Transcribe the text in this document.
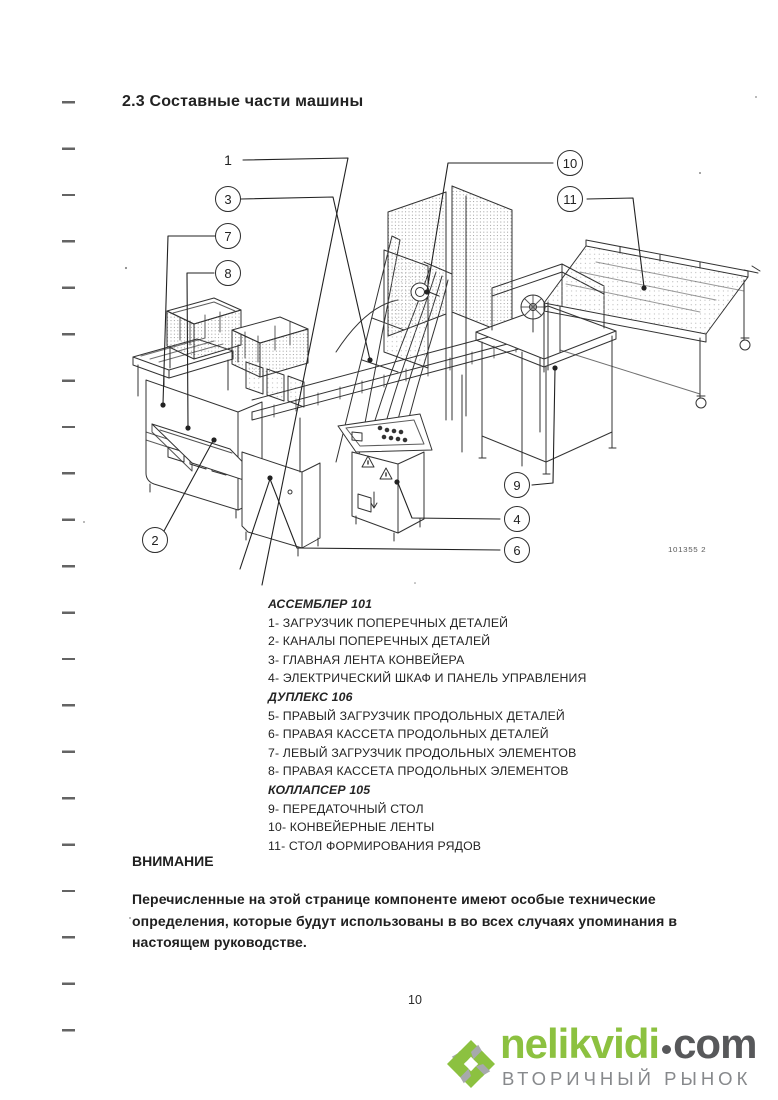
2.3 Составные части машины
1
3
7
8
2
10
11
9
4
6	101355 2
АССЕМБЛЕР 101
1- ЗАГРУЗЧИК ПОПЕРЕЧНЫХ ДЕТАЛЕЙ
2- КАНАЛЫ ПОПЕРЕЧНЫХ ДЕТАЛЕЙ
3- ГЛАВНАЯ ЛЕНТА КОНВЕЙЕРА
4- ЭЛЕКТРИЧЕСКИЙ ШКАФ И ПАНЕЛЬ УПРАВЛЕНИЯ
ДУПЛЕКС 106
5- ПРАВЫЙ ЗАГРУЗЧИК ПРОДОЛЬНЫХ ДЕТАЛЕЙ
6- ПРАВАЯ КАССЕТА ПРОДОЛЬНЫХ ДЕТАЛЕЙ
7- ЛЕВЫЙ ЗАГРУЗЧИК ПРОДОЛЬНЫХ ЭЛЕМЕНТОВ
8- ПРАВАЯ КАССЕТА ПРОДОЛЬНЫХ ЭЛЕМЕНТОВ
КОЛЛАПСЕР 105
9- ПЕРЕДАТОЧНЫЙ СТОЛ
10- КОНВЕЙЕРНЫЕ ЛЕНТЫ
11- СТОЛ ФОРМИРОВАНИЯ РЯДОВ
ВНИМАНИЕ
Перечисленные на этой странице компоненте имеют особые технические определения, которые будут использованы в во всех случаях упоминания в настоящем руководстве.
10
nelikvidi com
ВТОРИЧНЫЙ РЫНОК
